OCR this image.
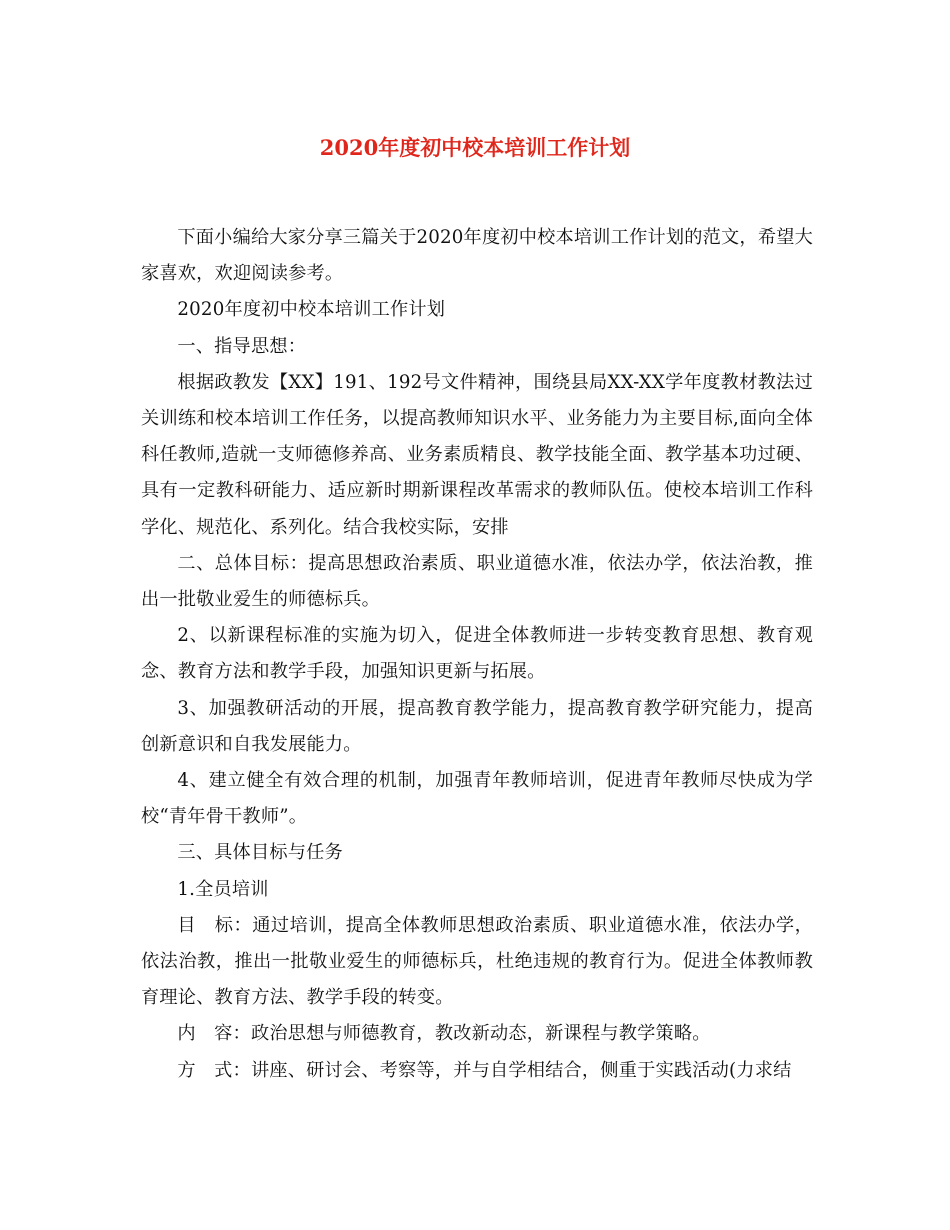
2020年度初中校本培训工作计划

下面小编给大家分享三篇关于2020年度初中校本培训工作计划的范文，希望大家喜欢，欢迎阅读参考。

2020年度初中校本培训工作计划

一、指导思想：

根据政教发【XX】191、192号文件精神，围绕县局XX-XX学年度教材教法过关训练和校本培训工作任务，以提高教师知识水平、业务能力为主要目标,面向全体科任教师,造就一支师德修养高、业务素质精良、教学技能全面、教学基本功过硬、具有一定教科研能力、适应新时期新课程改革需求的教师队伍。使校本培训工作科学化、规范化、系列化。结合我校实际，安排

二、总体目标：提高思想政治素质、职业道德水准，依法办学，依法治教，推出一批敬业爱生的师德标兵。

2、以新课程标准的实施为切入，促进全体教师进一步转变教育思想、教育观念、教育方法和教学手段，加强知识更新与拓展。

3、加强教研活动的开展，提高教育教学能力，提高教育教学研究能力，提高创新意识和自我发展能力。

4、建立健全有效合理的机制，加强青年教师培训，促进青年教师尽快成为学校“青年骨干教师”。

三、具体目标与任务

1.全员培训

目　标：通过培训，提高全体教师思想政治素质、职业道德水准，依法办学，依法治教，推出一批敬业爱生的师德标兵，杜绝违规的教育行为。促进全体教师教育理论、教育方法、教学手段的转变。

内　容：政治思想与师德教育，教改新动态，新课程与教学策略。

方　式：讲座、研讨会、考察等，并与自学相结合，侧重于实践活动(力求结
